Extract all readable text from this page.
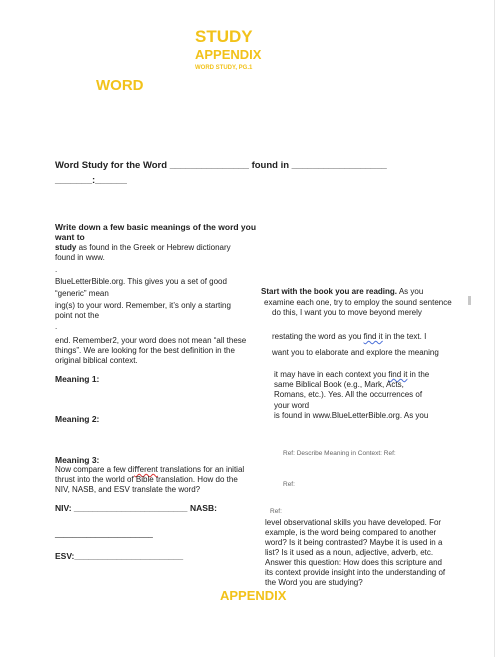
STUDY
APPENDIX
WORD STUDY, PG.1
WORD
Word Study for the Word _______________ found in __________________
_______:______
Write down a few basic meanings of the word you
want to
study as found in the Greek or Hebrew dictionary
found in www.
.
BlueLetterBible.org. This gives you a set of good
“generic” mean
ing(s) to your word. Remember, it’s only a starting
point not the
.
end. Remember2, your word does not mean “all these
things”. We are looking for the best deﬁnition in the
original biblical context.
Meaning 1:
Meaning 2:
Meaning 3:
Now compare a few diﬀerent translations for an initial
thrust into the world of Bible translation. How do the
NIV, NASB, and ESV translate the word?
NIV: ________________________ NASB:
______________________
ESV:_______________________
Start with the book you are reading. As you
examine each one, try to employ the sound sentence
do this, I want you to move beyond merely
restating the word as you ﬁnd it in the text. I
want you to elaborate and explore the meaning
it may have in each context you ﬁnd it in the
same Biblical Book (e.g., Mark, Acts,
Romans, etc.). Yes. All the occurrences of
your word
is found in www.BlueLetterBible.org. As you
Ref: Describe Meaning in Context: Ref:
Ref:
Ref:
level observational skills you have developed. For
example, is the word being compared to another
word? Is it being contrasted? Maybe it is used in a
list? Is it used as a noun, adjective, adverb, etc.
Answer this question: How does this scripture and
its context provide insight into the understanding of
the Word you are studying?
APPENDIX
